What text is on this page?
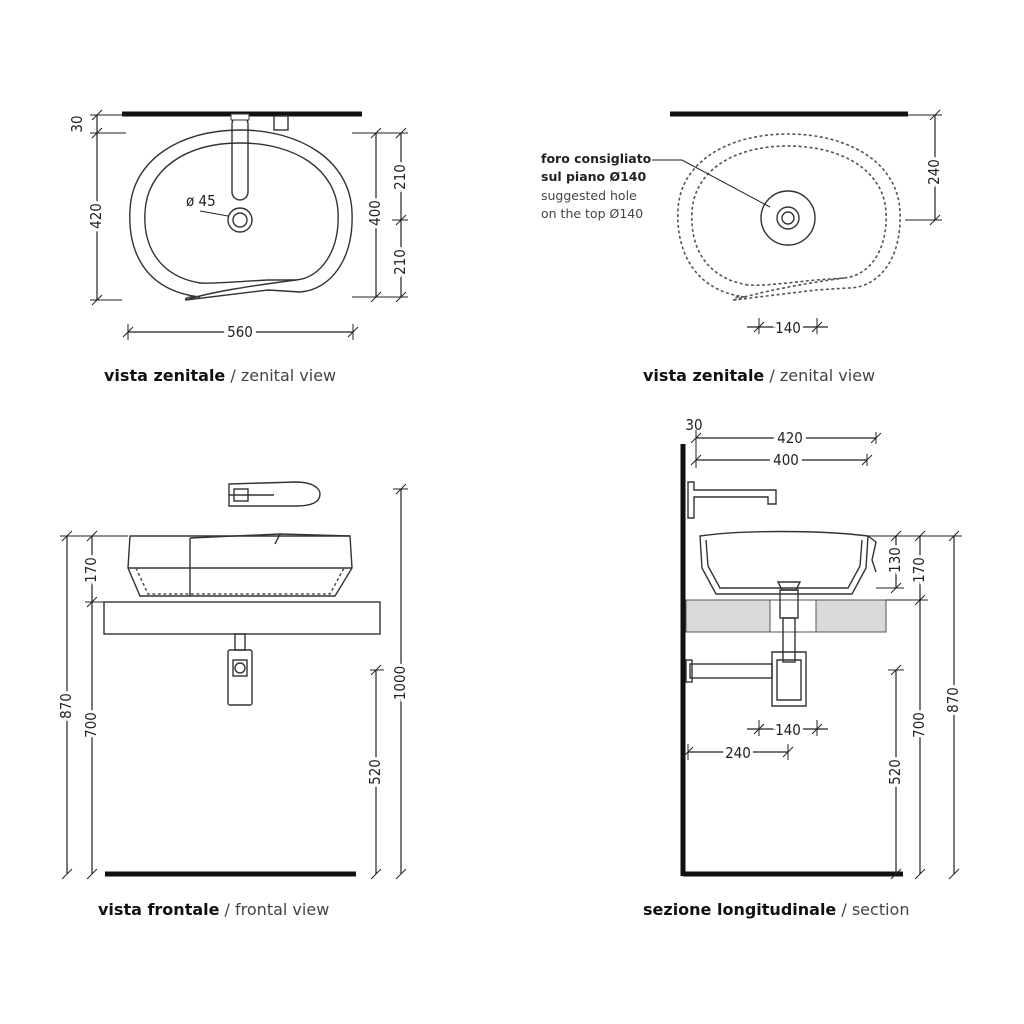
ø 45
30
420	400
210
210
560
vista zenitale / zenital view
foro consigliato
sul piano Ø140
suggested hole
on the top Ø140
240
140
vista zenitale / zenital view
170
870
700
520
1000
vista frontale / frontal view
30
420
400
130 170
700
870
520
140
240
sezione longitudinale / section
